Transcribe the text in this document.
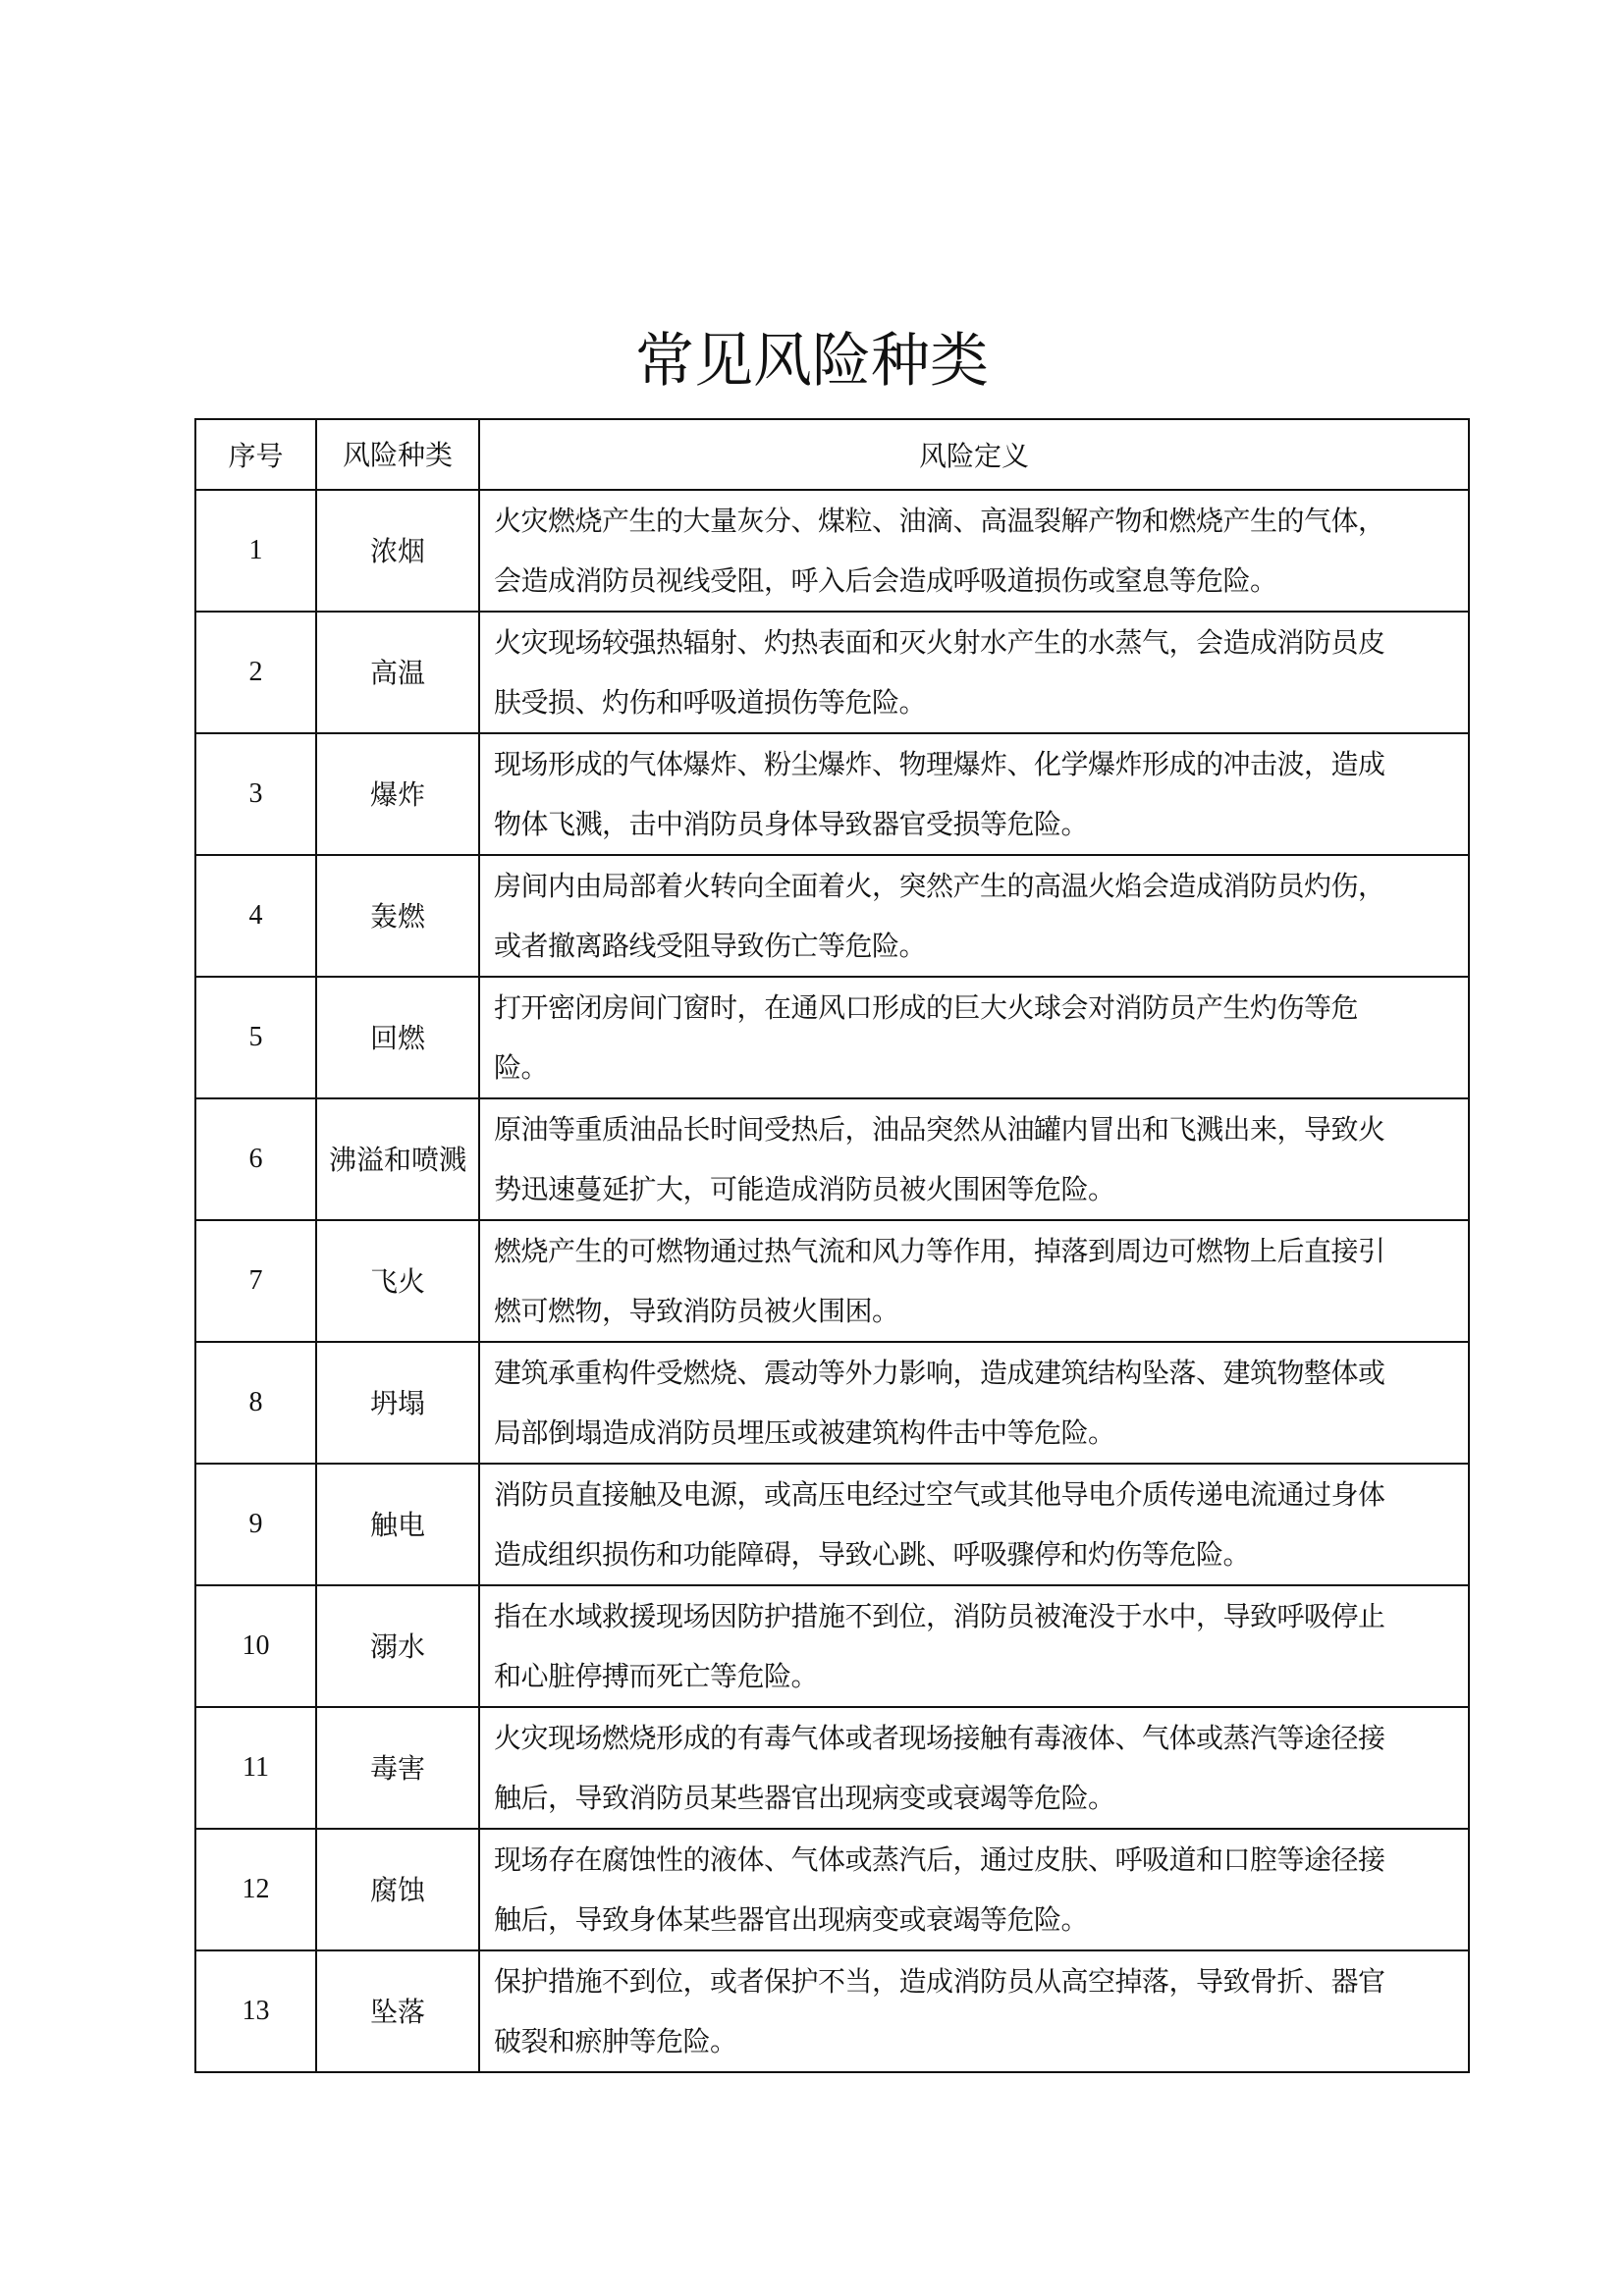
常见风险种类
序号	风险种类	风险定义
1	浓烟	火灾燃烧产生的大量灰分、煤粒、油滴、高温裂解产物和燃烧产生的气体，
会造成消防员视线受阻，呼入后会造成呼吸道损伤或窒息等危险。

2	高温	火灾现场较强热辐射、灼热表面和灭火射水产生的水蒸气，会造成消防员皮
肤受损、灼伤和呼吸道损伤等危险。

3	爆炸	现场形成的气体爆炸、粉尘爆炸、物理爆炸、化学爆炸形成的冲击波，造成
物体飞溅，击中消防员身体导致器官受损等危险。

4	轰燃	房间内由局部着火转向全面着火，突然产生的高温火焰会造成消防员灼伤，
或者撤离路线受阻导致伤亡等危险。

5	回燃	打开密闭房间门窗时，在通风口形成的巨大火球会对消防员产生灼伤等危
险。

6	沸溢和喷溅	原油等重质油品长时间受热后，油品突然从油罐内冒出和飞溅出来，导致火
势迅速蔓延扩大，可能造成消防员被火围困等危险。

7	飞火	燃烧产生的可燃物通过热气流和风力等作用，掉落到周边可燃物上后直接引
燃可燃物，导致消防员被火围困。

8	坍塌	建筑承重构件受燃烧、震动等外力影响，造成建筑结构坠落、建筑物整体或
局部倒塌造成消防员埋压或被建筑构件击中等危险。

9	触电	消防员直接触及电源，或高压电经过空气或其他导电介质传递电流通过身体
造成组织损伤和功能障碍，导致心跳、呼吸骤停和灼伤等危险。

10	溺水	指在水域救援现场因防护措施不到位，消防员被淹没于水中，导致呼吸停止
和心脏停搏而死亡等危险。

11	毒害	火灾现场燃烧形成的有毒气体或者现场接触有毒液体、气体或蒸汽等途径接
触后，导致消防员某些器官出现病变或衰竭等危险。

12	腐蚀	现场存在腐蚀性的液体、气体或蒸汽后，通过皮肤、呼吸道和口腔等途径接
触后，导致身体某些器官出现病变或衰竭等危险。

13	坠落	保护措施不到位，或者保护不当，造成消防员从高空掉落，导致骨折、器官
破裂和瘀肿等危险。
